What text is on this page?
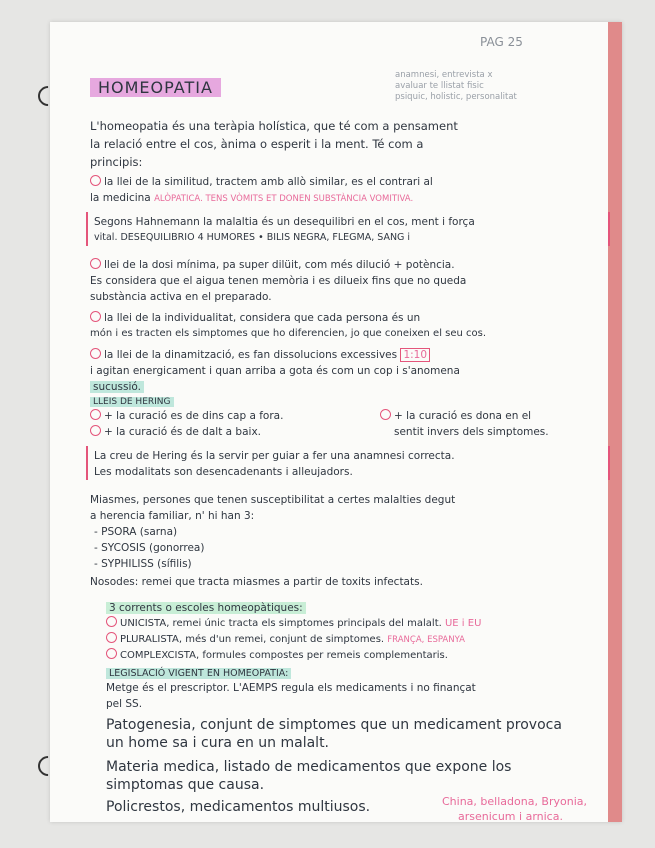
PAG 25
HOMEOPATIA
anamnesi, entrevista x
avaluar te llistat fisic
psiquic, holistic, personalitat
L'homeopatia és una teràpia holística, que té com a pensament
la relació entre el cos, ànima o esperit i la ment. Té com a
principis:
la llei de la similitud, tractem amb allò similar, es el contrari al
la medicina ALÒPATICA. TENS VÒMITS ET DONEN SUBSTÀNCIA VOMITIVA.
Segons Hahnemann la malaltia és un desequilibri en el cos, ment i força
vital. DESEQUILIBRIO 4 HUMORES • BILIS NEGRA, FLEGMA, SANG i
llei de la dosi mínima, pa super dilüit, com més dilució + potència.
Es considera que el aigua tenen memòria i es dilueix fins que no queda
substància activa en el preparado.
la llei de la individualitat, considera que cada persona és un
món i es tracten els simptomes que ho diferencien, jo que coneixen el seu cos.
la llei de la dinamització, es fan dissolucions excessives 1:10
i agitan energicament i quan arriba a gota és com un cop i s'anomena
sucussió.
LLEIS DE HERING
+ la curació es de dins cap a fora.
+ la curació és de dalt a baix.
+ la curació es dona en el
sentit invers dels simptomes.
La creu de Hering és la servir per guiar a fer una anamnesi correcta.
Les modalitats son desencadenants i alleujadors.
Miasmes, persones que tenen susceptibilitat a certes malalties degut
a herencia familiar, n' hi han 3:
- PSORA (sarna)
- SYCOSIS (gonorrea)
- SYPHILISS (sífilis)
Nosodes: remei que tracta miasmes a partir de toxits infectats.
3 corrents o escoles homeopàtiques:
UNICISTA, remei únic tracta els simptomes principals del malalt. UE i EU
PLURALISTA, més d'un remei, conjunt de simptomes. FRANÇA, ESPANYA
COMPLEXCISTA, formules compostes per remeis complementaris.
LEGISLACIÓ VIGENT EN HOMEOPATIA:
Metge és el prescriptor. L'AEMPS regula els medicaments i no finançat
pel SS.
Patogenesia, conjunt de simptomes que un medicament provoca
un home sa i cura en un malalt.
Materia medica, listado de medicamentos que expone los
simptomas que causa.
Policrestos, medicamentos multiusos.	China, belladona, Bryonia,
arsenicum i arnica.
